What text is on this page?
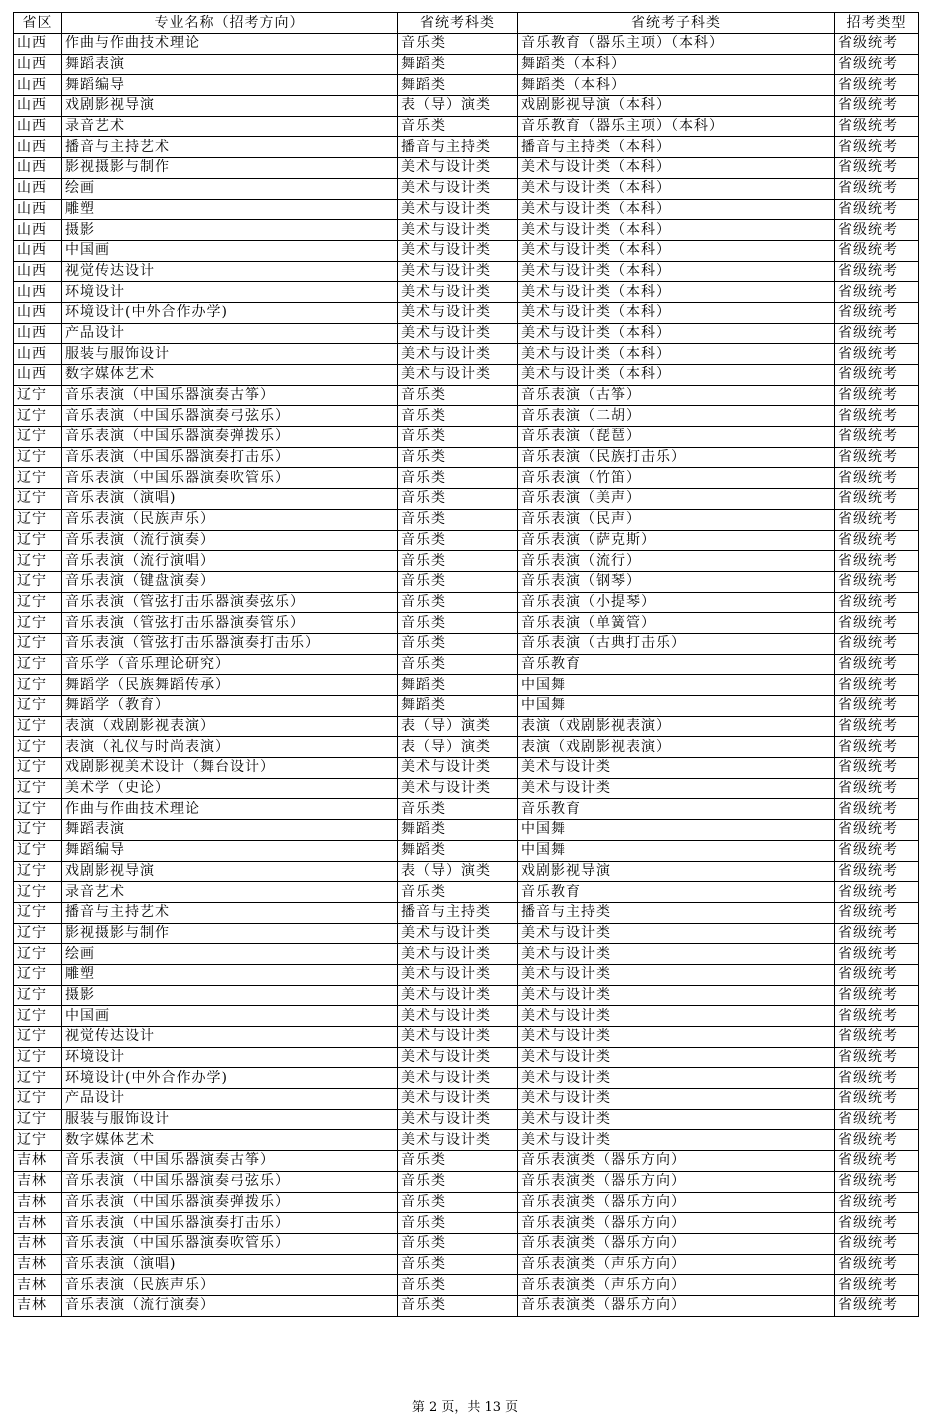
省区	专业名称（招考方向）	省统考科类	省统考子科类	招考类型
山西	作曲与作曲技术理论	音乐类	音乐教育（器乐主项）（本科）	省级统考
山西	舞蹈表演	舞蹈类	舞蹈类（本科）	省级统考
山西	舞蹈编导	舞蹈类	舞蹈类（本科）	省级统考
山西	戏剧影视导演	表（导）演类	戏剧影视导演（本科）	省级统考
山西	录音艺术	音乐类	音乐教育（器乐主项）（本科）	省级统考
山西	播音与主持艺术	播音与主持类	播音与主持类（本科）	省级统考
山西	影视摄影与制作	美术与设计类	美术与设计类（本科）	省级统考
山西	绘画	美术与设计类	美术与设计类（本科）	省级统考
山西	雕塑	美术与设计类	美术与设计类（本科）	省级统考
山西	摄影	美术与设计类	美术与设计类（本科）	省级统考
山西	中国画	美术与设计类	美术与设计类（本科）	省级统考
山西	视觉传达设计	美术与设计类	美术与设计类（本科）	省级统考
山西	环境设计	美术与设计类	美术与设计类（本科）	省级统考
山西	环境设计(中外合作办学)	美术与设计类	美术与设计类（本科）	省级统考
山西	产品设计	美术与设计类	美术与设计类（本科）	省级统考
山西	服装与服饰设计	美术与设计类	美术与设计类（本科）	省级统考
山西	数字媒体艺术	美术与设计类	美术与设计类（本科）	省级统考
辽宁	音乐表演（中国乐器演奏古筝）	音乐类	音乐表演（古筝）	省级统考
辽宁	音乐表演（中国乐器演奏弓弦乐）	音乐类	音乐表演（二胡）	省级统考
辽宁	音乐表演（中国乐器演奏弹拨乐）	音乐类	音乐表演（琵琶）	省级统考
辽宁	音乐表演（中国乐器演奏打击乐）	音乐类	音乐表演（民族打击乐）	省级统考
辽宁	音乐表演（中国乐器演奏吹管乐）	音乐类	音乐表演（竹笛）	省级统考
辽宁	音乐表演（演唱)	音乐类	音乐表演（美声）	省级统考
辽宁	音乐表演（民族声乐）	音乐类	音乐表演（民声）	省级统考
辽宁	音乐表演（流行演奏）	音乐类	音乐表演（萨克斯）	省级统考
辽宁	音乐表演（流行演唱）	音乐类	音乐表演（流行）	省级统考
辽宁	音乐表演（键盘演奏）	音乐类	音乐表演（钢琴）	省级统考
辽宁	音乐表演（管弦打击乐器演奏弦乐）	音乐类	音乐表演（小提琴）	省级统考
辽宁	音乐表演（管弦打击乐器演奏管乐）	音乐类	音乐表演（单簧管）	省级统考
辽宁	音乐表演（管弦打击乐器演奏打击乐）	音乐类	音乐表演（古典打击乐）	省级统考
辽宁	音乐学（音乐理论研究）	音乐类	音乐教育	省级统考
辽宁	舞蹈学（民族舞蹈传承）	舞蹈类	中国舞	省级统考
辽宁	舞蹈学（教育）	舞蹈类	中国舞	省级统考
辽宁	表演（戏剧影视表演）	表（导）演类	表演（戏剧影视表演）	省级统考
辽宁	表演（礼仪与时尚表演）	表（导）演类	表演（戏剧影视表演）	省级统考
辽宁	戏剧影视美术设计（舞台设计）	美术与设计类	美术与设计类	省级统考
辽宁	美术学（史论）	美术与设计类	美术与设计类	省级统考
辽宁	作曲与作曲技术理论	音乐类	音乐教育	省级统考
辽宁	舞蹈表演	舞蹈类	中国舞	省级统考
辽宁	舞蹈编导	舞蹈类	中国舞	省级统考
辽宁	戏剧影视导演	表（导）演类	戏剧影视导演	省级统考
辽宁	录音艺术	音乐类	音乐教育	省级统考
辽宁	播音与主持艺术	播音与主持类	播音与主持类	省级统考
辽宁	影视摄影与制作	美术与设计类	美术与设计类	省级统考
辽宁	绘画	美术与设计类	美术与设计类	省级统考
辽宁	雕塑	美术与设计类	美术与设计类	省级统考
辽宁	摄影	美术与设计类	美术与设计类	省级统考
辽宁	中国画	美术与设计类	美术与设计类	省级统考
辽宁	视觉传达设计	美术与设计类	美术与设计类	省级统考
辽宁	环境设计	美术与设计类	美术与设计类	省级统考
辽宁	环境设计(中外合作办学)	美术与设计类	美术与设计类	省级统考
辽宁	产品设计	美术与设计类	美术与设计类	省级统考
辽宁	服装与服饰设计	美术与设计类	美术与设计类	省级统考
辽宁	数字媒体艺术	美术与设计类	美术与设计类	省级统考
吉林	音乐表演（中国乐器演奏古筝）	音乐类	音乐表演类（器乐方向）	省级统考
吉林	音乐表演（中国乐器演奏弓弦乐）	音乐类	音乐表演类（器乐方向）	省级统考
吉林	音乐表演（中国乐器演奏弹拨乐）	音乐类	音乐表演类（器乐方向）	省级统考
吉林	音乐表演（中国乐器演奏打击乐）	音乐类	音乐表演类（器乐方向）	省级统考
吉林	音乐表演（中国乐器演奏吹管乐）	音乐类	音乐表演类（器乐方向）	省级统考
吉林	音乐表演（演唱)	音乐类	音乐表演类（声乐方向）	省级统考
吉林	音乐表演（民族声乐）	音乐类	音乐表演类（声乐方向）	省级统考
吉林	音乐表演（流行演奏）	音乐类	音乐表演类（器乐方向）	省级统考
第 2 页，共 13 页
